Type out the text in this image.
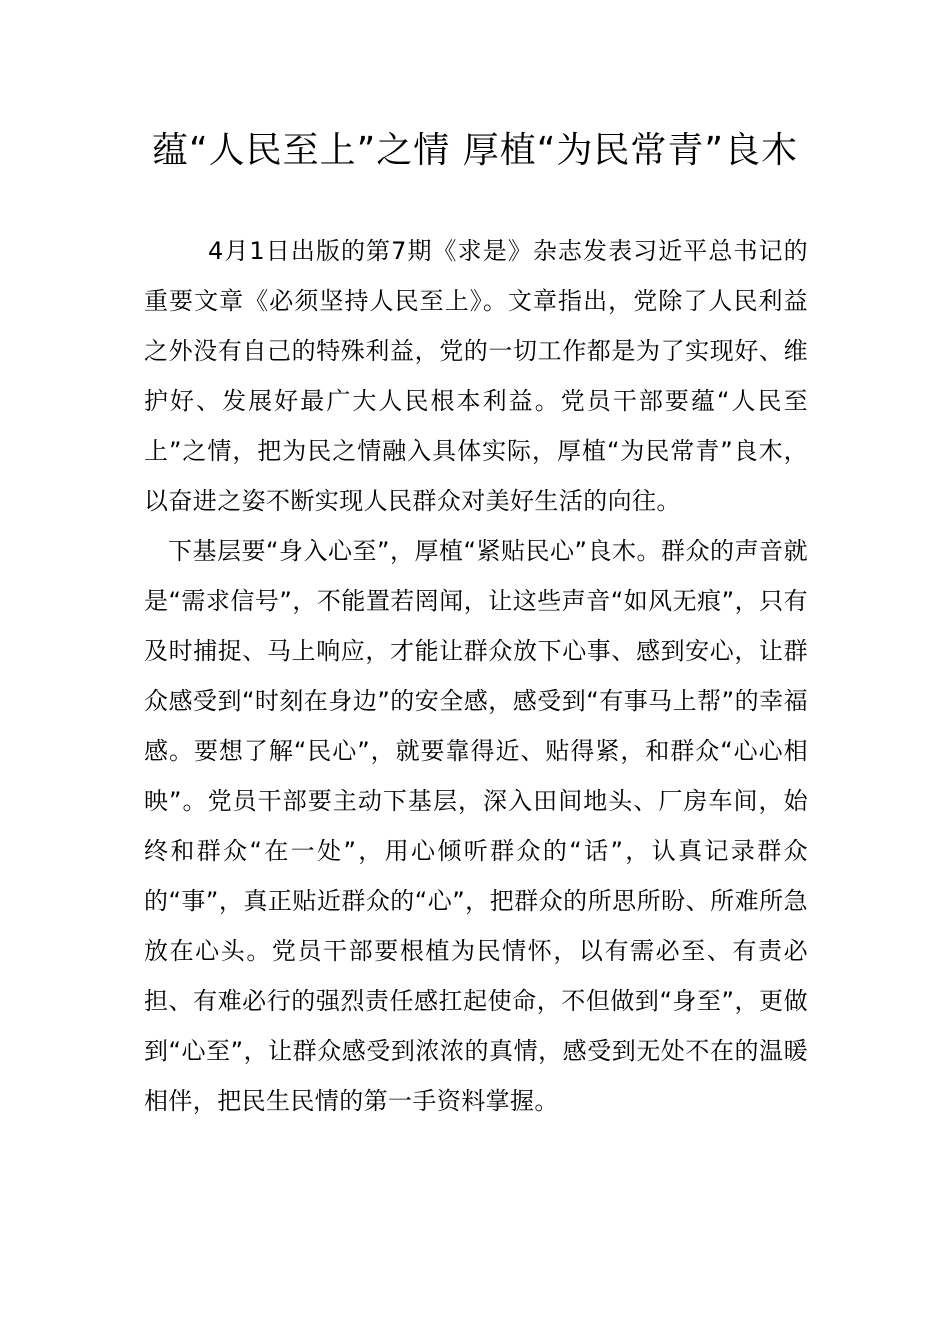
蕴“人民至上”之情 厚植“为民常青”良木

4月1日出版的第7期《求是》杂志发表习近平总书记的重要文章《必须坚持人民至上》。文章指出，党除了人民利益之外没有自己的特殊利益，党的一切工作都是为了实现好、维护好、发展好最广大人民根本利益。党员干部要蕴“人民至上”之情，把为民之情融入具体实际，厚植“为民常青”良木，以奋进之姿不断实现人民群众对美好生活的向往。

下基层要“身入心至”，厚植“紧贴民心”良木。群众的声音就是“需求信号”，不能置若罔闻，让这些声音“如风无痕”，只有及时捕捉、马上响应，才能让群众放下心事、感到安心，让群众感受到“时刻在身边”的安全感，感受到“有事马上帮”的幸福感。要想了解“民心”，就要靠得近、贴得紧，和群众“心心相映”。党员干部要主动下基层，深入田间地头、厂房车间，始终和群众“在一处”，用心倾听群众的“话”，认真记录群众的“事”，真正贴近群众的“心”，把群众的所思所盼、所难所急放在心头。党员干部要根植为民情怀，以有需必至、有责必担、有难必行的强烈责任感扛起使命，不但做到“身至”，更做到“心至”，让群众感受到浓浓的真情，感受到无处不在的温暖相伴，把民生民情的第一手资料掌握。
